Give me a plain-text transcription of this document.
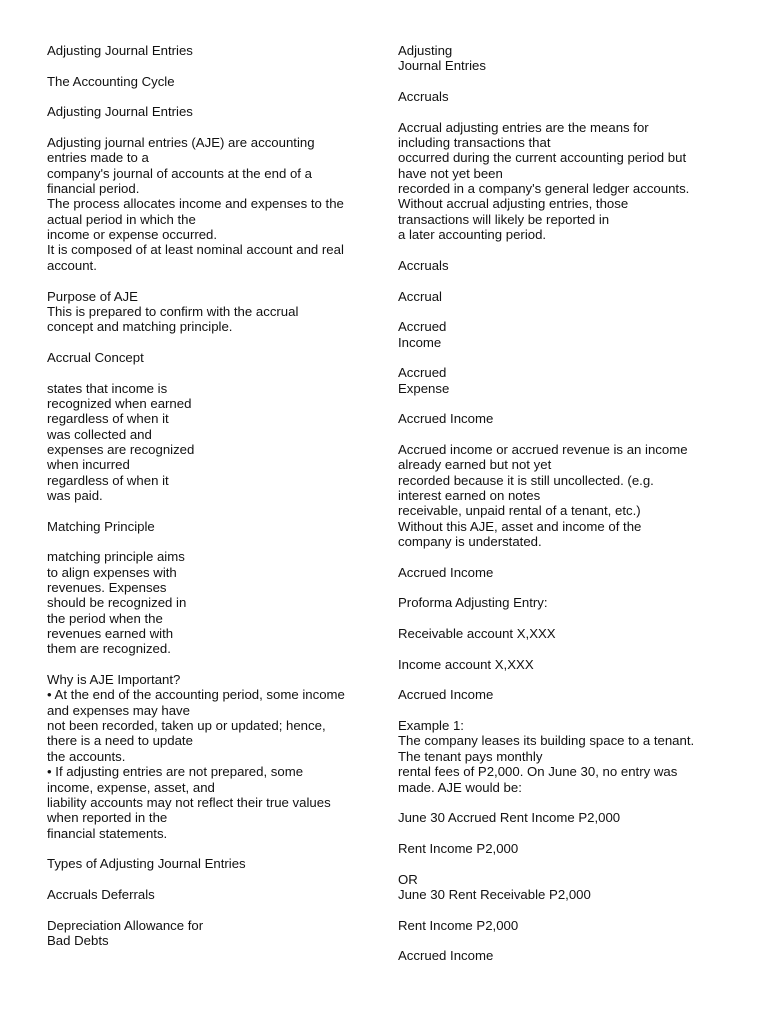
Adjusting Journal Entries
The Accounting Cycle
Adjusting Journal Entries
Adjusting journal entries (AJE) are accounting
entries made to a
company's journal of accounts at the end of a
financial period.
The process allocates income and expenses to the
actual period in which the
income or expense occurred.
It is composed of at least nominal account and real
account.
Purpose of AJE
This is prepared to confirm with the accrual
concept and matching principle.
Accrual Concept
states that income is
recognized when earned
regardless of when it
was collected and
expenses are recognized
when incurred
regardless of when it
was paid.
Matching Principle
matching principle aims
to align expenses with
revenues. Expenses
should be recognized in
the period when the
revenues earned with
them are recognized.
Why is AJE Important?
• At the end of the accounting period, some income
and expenses may have
not been recorded, taken up or updated; hence,
there is a need to update
the accounts.
• If adjusting entries are not prepared, some
income, expense, asset, and
liability accounts may not reflect their true values
when reported in the
financial statements.
Types of Adjusting Journal Entries
Accruals Deferrals
Depreciation Allowance for
Bad Debts
Adjusting
Journal Entries
Accruals
Accrual adjusting entries are the means for
including transactions that
occurred during the current accounting period but
have not yet been
recorded in a company's general ledger accounts.
Without accrual adjusting entries, those
transactions will likely be reported in
a later accounting period.
Accruals
Accrual
Accrued
Income
Accrued
Expense
Accrued Income
Accrued income or accrued revenue is an income
already earned but not yet
recorded because it is still uncollected. (e.g.
interest earned on notes
receivable, unpaid rental of a tenant, etc.)
Without this AJE, asset and income of the
company is understated.
Accrued Income
Proforma Adjusting Entry:
Receivable account X,XXX
Income account X,XXX
Accrued Income
Example 1:
The company leases its building space to a tenant.
The tenant pays monthly
rental fees of P2,000. On June 30, no entry was
made. AJE would be:
June 30 Accrued Rent Income P2,000
Rent Income P2,000
OR
June 30 Rent Receivable P2,000
Rent Income P2,000
Accrued Income
